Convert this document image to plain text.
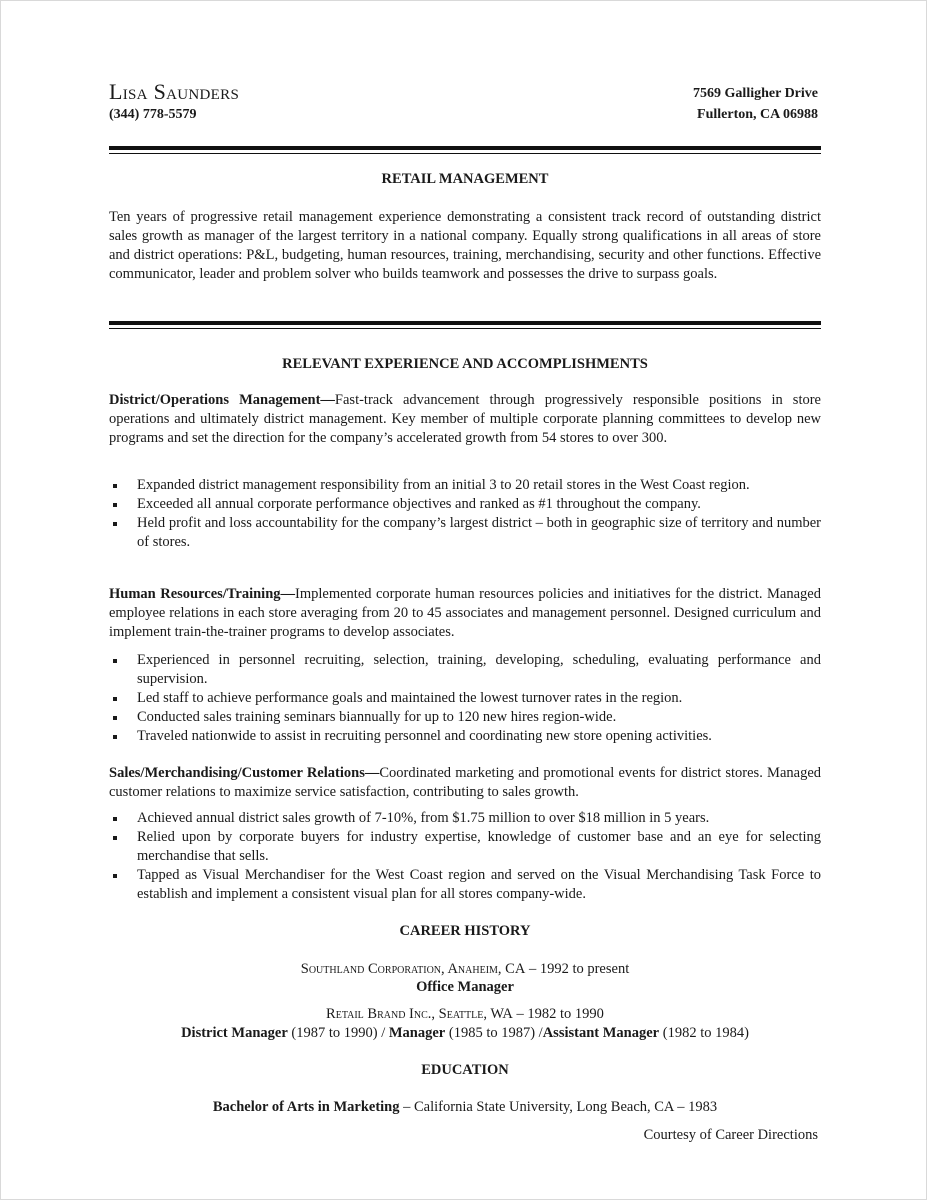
Lisa Saunders
(344) 778-5579
7569 Galligher Drive
Fullerton, CA 06988
RETAIL MANAGEMENT
Ten years of progressive retail management experience demonstrating a consistent track record of outstanding district sales growth as manager of the largest territory in a national company. Equally strong qualifications in all areas of store and district operations: P&L, budgeting, human resources, training, merchandising, security and other functions. Effective communicator, leader and problem solver who builds teamwork and possesses the drive to surpass goals.
RELEVANT EXPERIENCE AND ACCOMPLISHMENTS
District/Operations Management—Fast-track advancement through progressively responsible positions in store operations and ultimately district management. Key member of multiple corporate planning committees to develop new programs and set the direction for the company’s accelerated growth from 54 stores to over 300.
Expanded district management responsibility from an initial 3 to 20 retail stores in the West Coast region.
Exceeded all annual corporate performance objectives and ranked as #1 throughout the company.
Held profit and loss accountability for the company’s largest district – both in geographic size of territory and number of stores.
Human Resources/Training—Implemented corporate human resources policies and initiatives for the district. Managed employee relations in each store averaging from 20 to 45 associates and management personnel. Designed curriculum and implement train-the-trainer programs to develop associates.
Experienced in personnel recruiting, selection, training, developing, scheduling, evaluating performance and supervision.
Led staff to achieve performance goals and maintained the lowest turnover rates in the region.
Conducted sales training seminars biannually for up to 120 new hires region-wide.
Traveled nationwide to assist in recruiting personnel and coordinating new store opening activities.
Sales/Merchandising/Customer Relations—Coordinated marketing and promotional events for district stores. Managed customer relations to maximize service satisfaction, contributing to sales growth.
Achieved annual district sales growth of 7-10%, from $1.75 million to over $18 million in 5 years.
Relied upon by corporate buyers for industry expertise, knowledge of customer base and an eye for selecting merchandise that sells.
Tapped as Visual Merchandiser for the West Coast region and served on the Visual Merchandising Task Force to establish and implement a consistent visual plan for all stores company-wide.
CAREER HISTORY
Southland Corporation, Anaheim, CA – 1992 to present
Office Manager
Retail Brand Inc., Seattle, WA – 1982 to 1990
District Manager (1987 to 1990) / Manager (1985 to 1987) /Assistant Manager (1982 to 1984)
EDUCATION
Bachelor of Arts in Marketing – California State University, Long Beach, CA – 1983
Courtesy of Career Directions
